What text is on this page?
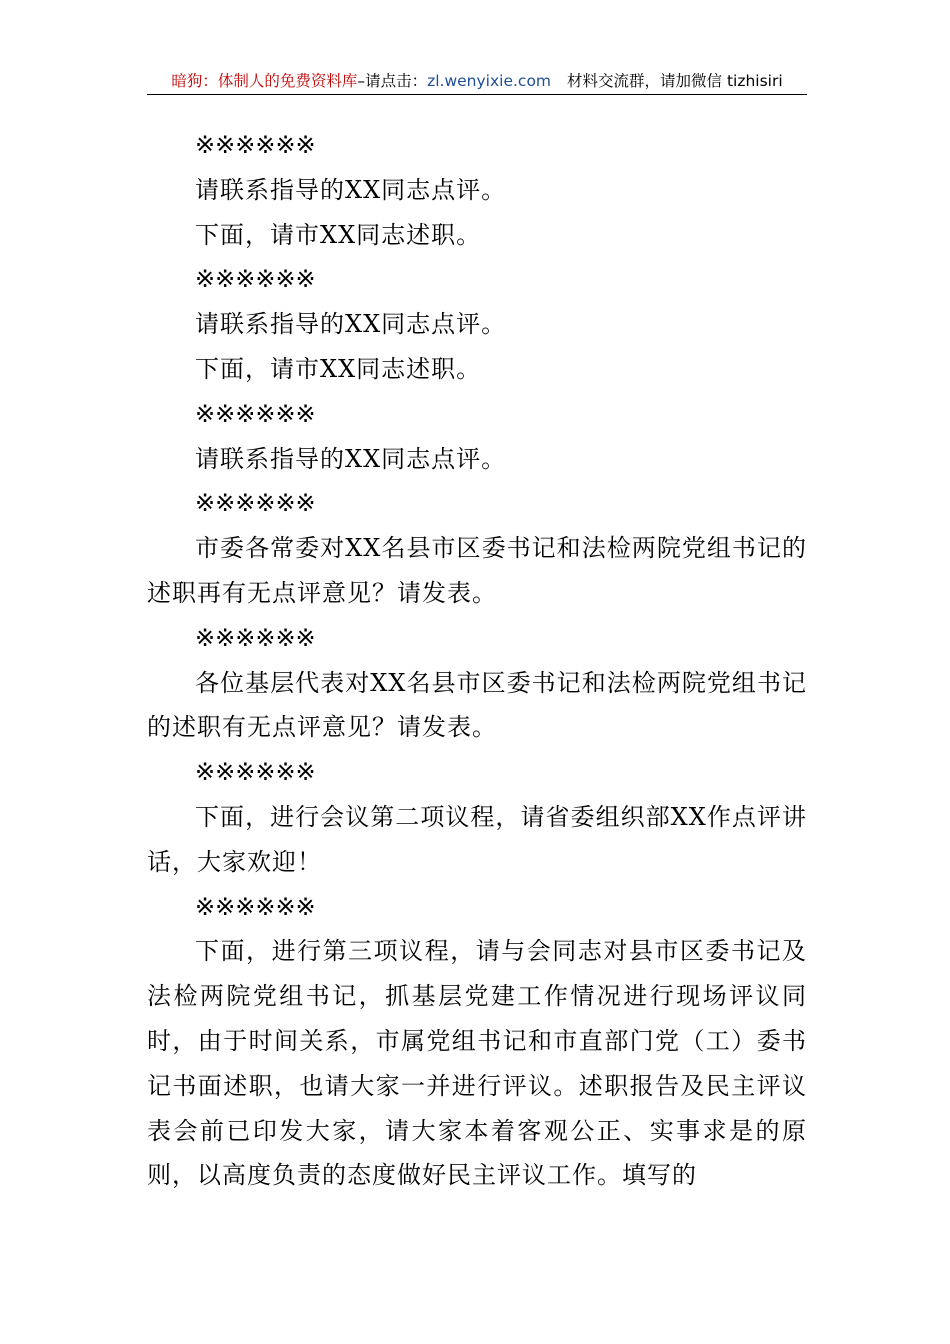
暗狗：体制人的免费资料库–请点击：zl.wenyixie.com 材料交流群，请加微信 tizhisiri

※※※※※※

请联系指导的XX同志点评。

下面，请市XX同志述职。

※※※※※※

请联系指导的XX同志点评。

下面，请市XX同志述职。

※※※※※※

请联系指导的XX同志点评。

※※※※※※

市委各常委对XX名县市区委书记和法检两院党组书记的述职再有无点评意见？请发表。

※※※※※※

各位基层代表对XX名县市区委书记和法检两院党组书记的述职有无点评意见？请发表。

※※※※※※

下面，进行会议第二项议程，请省委组织部XX作点评讲话，大家欢迎！

※※※※※※

下面，进行第三项议程，请与会同志对县市区委书记及法检两院党组书记，抓基层党建工作情况进行现场评议同时，由于时间关系，市属党组书记和市直部门党（工）委书记书面述职，也请大家一并进行评议。述职报告及民主评议表会前已印发大家，请大家本着客观公正、实事求是的原则，以高度负责的态度做好民主评议工作。填写的
